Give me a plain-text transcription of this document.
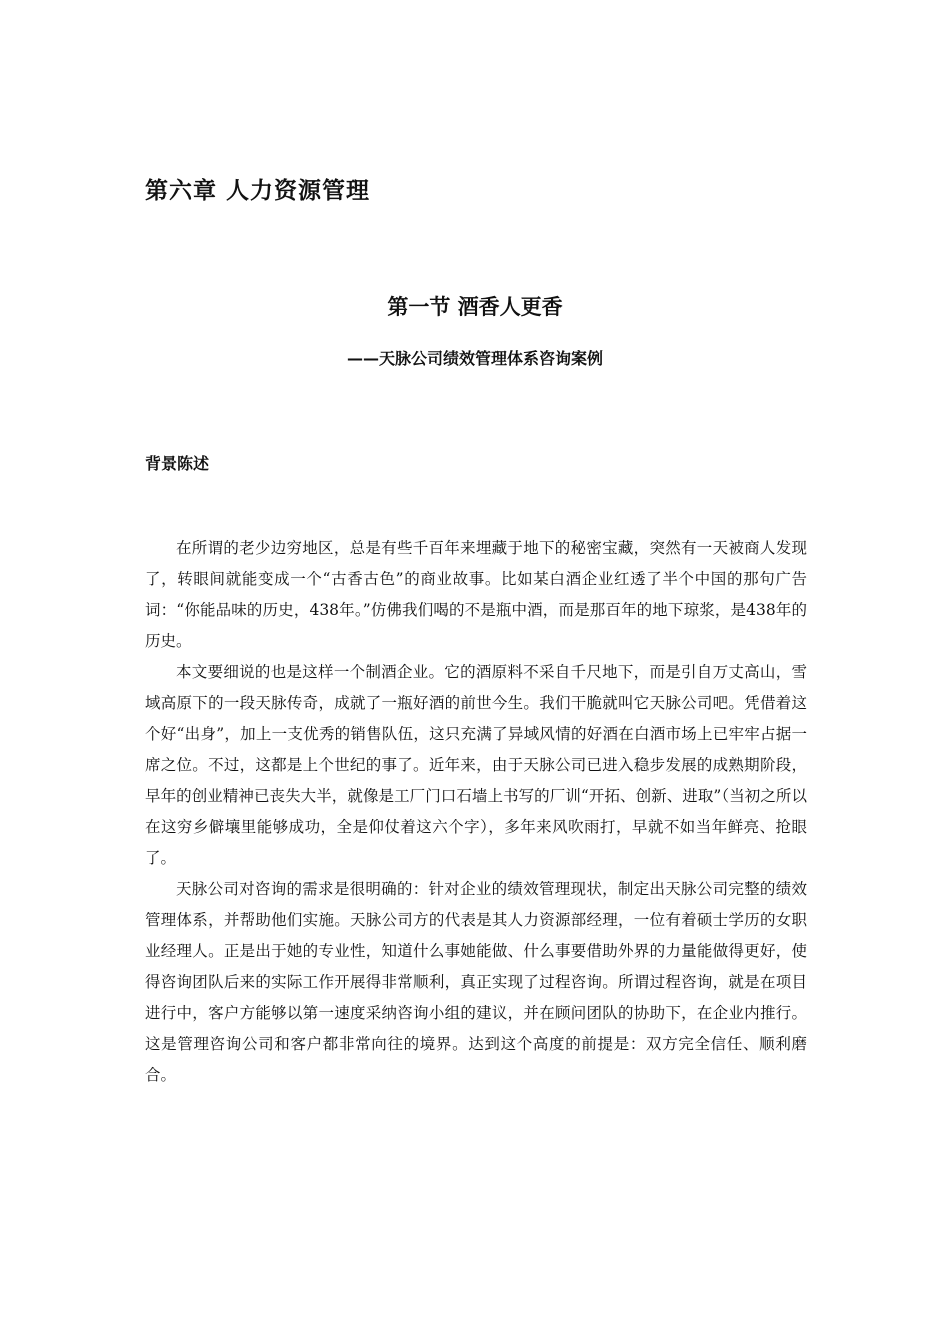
第六章 人力资源管理
第一节 酒香人更香
——天脉公司绩效管理体系咨询案例
背景陈述

在所谓的老少边穷地区，总是有些千百年来埋藏于地下的秘密宝藏，突然有一天被商人发现了，转眼间就能变成一个“古香古色”的商业故事。比如某白酒企业红透了半个中国的那句广告词：“你能品味的历史，438年。”仿佛我们喝的不是瓶中酒，而是那百年的地下琼浆，是438年的历史。

本文要细说的也是这样一个制酒企业。它的酒原料不采自千尺地下，而是引自万丈高山，雪域高原下的一段天脉传奇，成就了一瓶好酒的前世今生。我们干脆就叫它天脉公司吧。凭借着这个好“出身”，加上一支优秀的销售队伍，这只充满了异域风情的好酒在白酒市场上已牢牢占据一席之位。不过，这都是上个世纪的事了。近年来，由于天脉公司已进入稳步发展的成熟期阶段，早年的创业精神已丧失大半，就像是工厂门口石墙上书写的厂训“开拓、创新、进取”（当初之所以在这穷乡僻壤里能够成功，全是仰仗着这六个字），多年来风吹雨打，早就不如当年鲜亮、抢眼了。

天脉公司对咨询的需求是很明确的：针对企业的绩效管理现状，制定出天脉公司完整的绩效管理体系，并帮助他们实施。天脉公司方的代表是其人力资源部经理，一位有着硕士学历的女职业经理人。正是出于她的专业性，知道什么事她能做、什么事要借助外界的力量能做得更好，使得咨询团队后来的实际工作开展得非常顺利，真正实现了过程咨询。所谓过程咨询，就是在项目进行中，客户方能够以第一速度采纳咨询小组的建议，并在顾问团队的协助下，在企业内推行。这是管理咨询公司和客户都非常向往的境界。达到这个高度的前提是：双方完全信任、顺利磨合。
